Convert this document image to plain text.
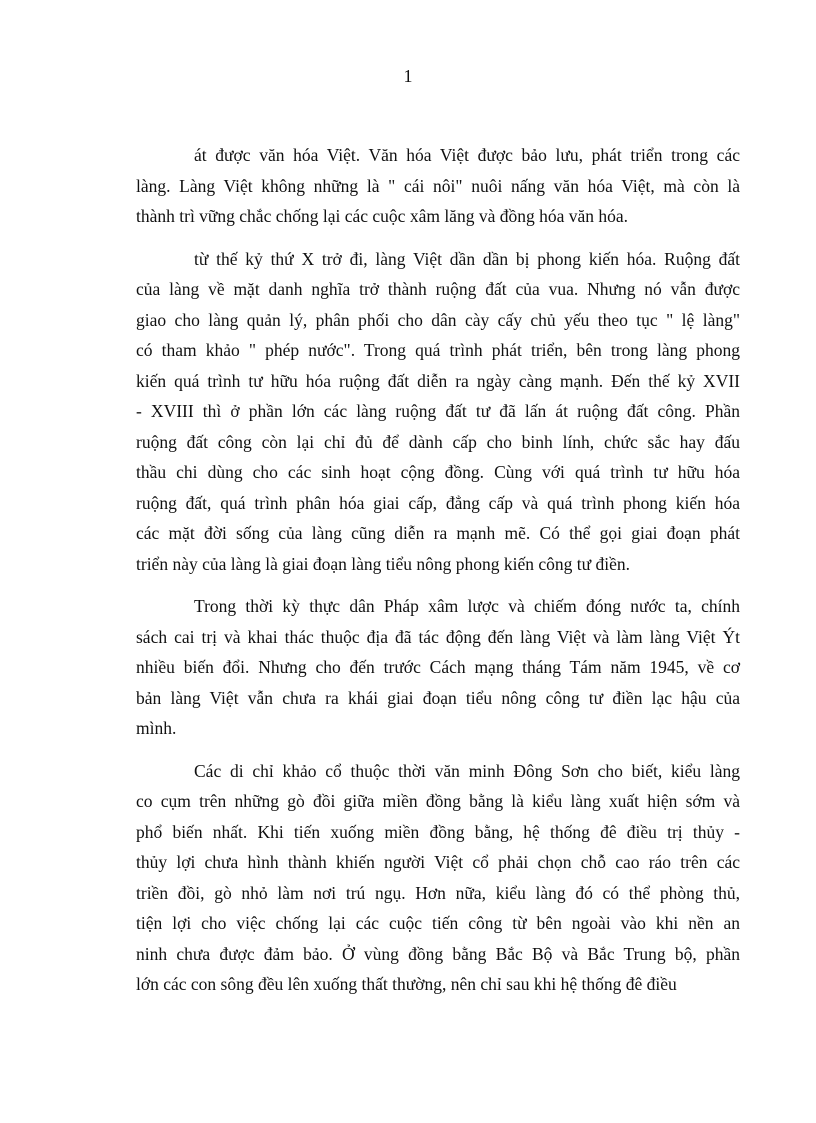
1
át được văn hóa Việt. Văn hóa Việt được bảo lưu, phát triển trong các
làng. Làng Việt không những là " cái nôi" nuôi nấng văn hóa Việt, mà còn là
thành trì vững chắc chống lại các cuộc xâm lăng và đồng hóa văn hóa.
từ thế kỷ thứ X trở đi, làng Việt dần dần bị phong kiến hóa. Ruộng đất
của làng về mặt danh nghĩa trở thành ruộng đất của vua. Nhưng nó vẫn được
giao cho làng quản lý, phân phối cho dân cày cấy chủ yếu theo tục " lệ làng"
có tham khảo " phép nước". Trong quá trình phát triển, bên trong làng phong
kiến quá trình tư hữu hóa ruộng đất diễn ra ngày càng mạnh. Đến thế kỷ XVII
- XVIII thì ở phần lớn các làng ruộng đất tư đã lấn át ruộng đất công. Phần
ruộng đất công còn lại chỉ đủ để dành cấp cho binh lính, chức sắc hay đấu
thầu chi dùng cho các sinh hoạt cộng đồng. Cùng với quá trình tư hữu hóa
ruộng đất, quá trình phân hóa giai cấp, đẳng cấp và quá trình phong kiến hóa
các mặt đời sống của làng cũng diễn ra mạnh mẽ. Có thể gọi giai đoạn phát
triển này của làng là giai đoạn làng tiểu nông phong kiến công tư điền.
Trong thời kỳ thực dân Pháp xâm lược và chiếm đóng nước ta, chính
sách cai trị và khai thác thuộc địa đã tác động đến làng Việt và làm làng Việt Ýt
nhiều biến đổi. Nhưng cho đến trước Cách mạng tháng Tám năm 1945, về cơ
bản làng Việt vẫn chưa ra khái giai đoạn tiểu nông công tư điền lạc hậu của
mình.
Các di chỉ khảo cổ thuộc thời văn minh Đông Sơn cho biết, kiểu làng
co cụm trên những gò đồi giữa miền đồng bằng là kiểu làng xuất hiện sớm và
phổ biến nhất. Khi tiến xuống miền đồng bằng, hệ thống đê điều trị thủy -
thủy lợi chưa hình thành khiến người Việt cổ phải chọn chỗ cao ráo trên các
triền đồi, gò nhỏ làm nơi trú ngụ. Hơn nữa, kiểu làng đó có thể phòng thủ,
tiện lợi cho việc chống lại các cuộc tiến công từ bên ngoài vào khi nền an
ninh chưa được đảm bảo. Ở vùng đồng bằng Bắc Bộ và Bắc Trung bộ, phần
lớn các con sông đều lên xuống thất thường, nên chỉ sau khi hệ thống đê điều
